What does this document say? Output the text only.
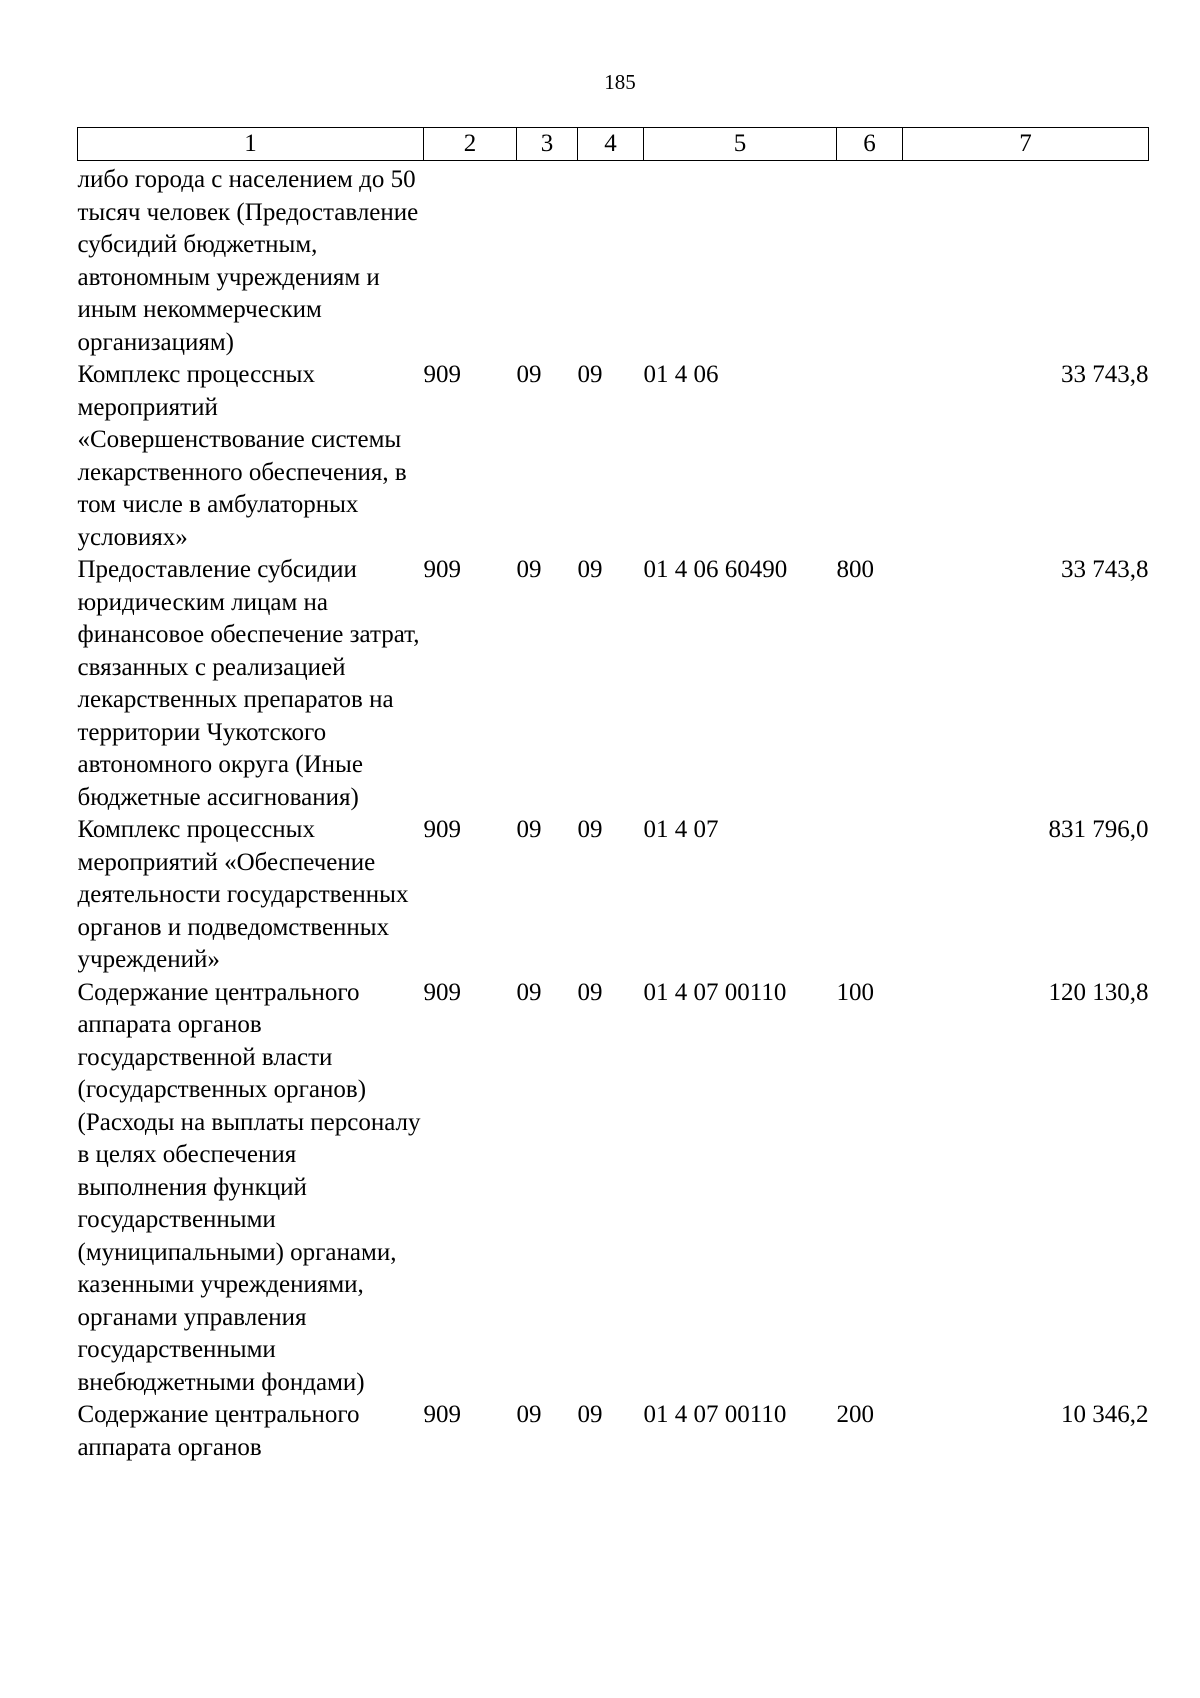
185
1	2	3	4	5	6	7
либо города с населением до 50 тысяч человек (Предоставление субсидий бюджетным, автономным учреждениям и иным некоммерческим организациям)						
Комплекс процессных мероприятий «Совершенствование системы лекарственного обеспечения, в том числе в амбулаторных условиях»	909	09	09	01 4 06		33 743,8
Предоставление субсидии юридическим лицам на финансовое обеспечение затрат, связанных с реализацией лекарственных препаратов на территории Чукотского автономного округа (Иные бюджетные ассигнования)	909	09	09	01 4 06 60490	800	33 743,8
Комплекс процессных мероприятий «Обеспечение деятельности государственных органов и подведомственных учреждений»	909	09	09	01 4 07		831 796,0
Содержание центрального аппарата органов государственной власти (государственных органов) (Расходы на выплаты персоналу в целях обеспечения выполнения функций государственными (муниципальными) органами, казенными учреждениями, органами управления государственными внебюджетными фондами)	909	09	09	01 4 07 00110	100	120 130,8
Содержание центрального аппарата органов	909	09	09	01 4 07 00110	200	10 346,2
